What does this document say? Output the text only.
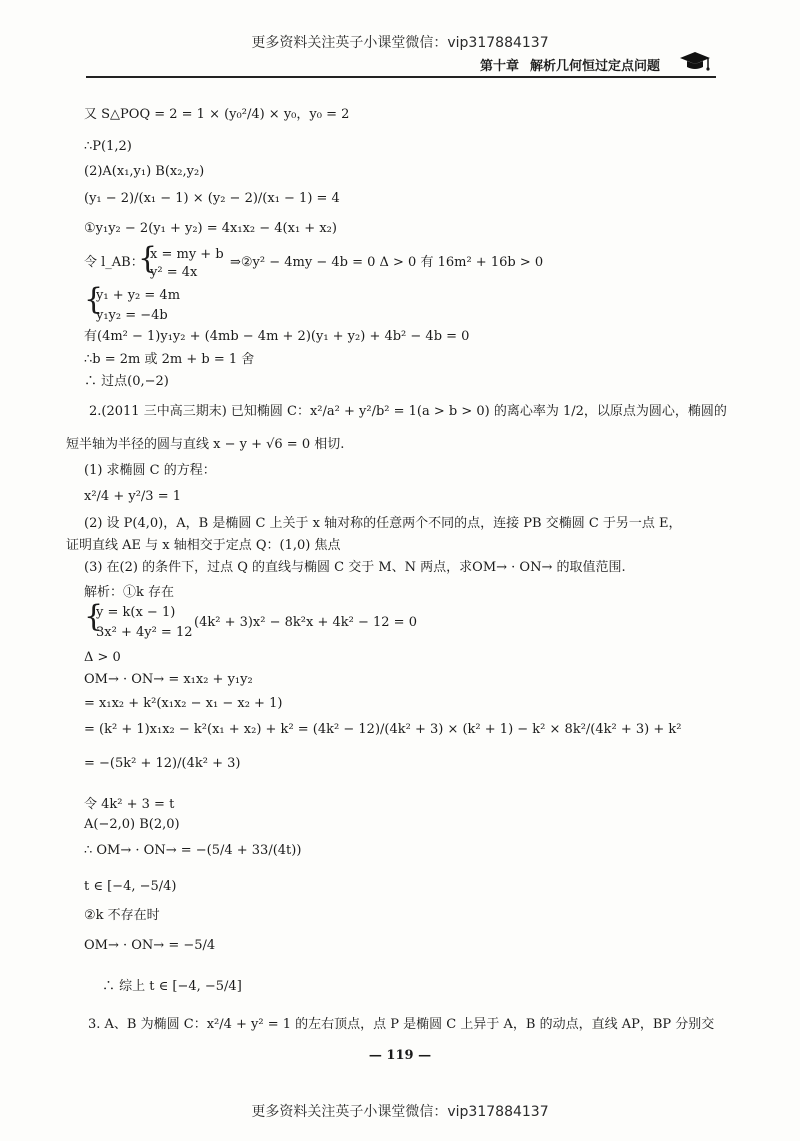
更多资料关注英子小课堂微信：vip317884137
第十章 解析几何恒过定点问题
又 S△POQ = 2 = 1 × (y₀²/4) × y₀，y₀ = 2
∴P(1,2)
(2)A(x₁,y₁) B(x₂,y₂)
(y₁ − 2)/(x₁ − 1) × (y₂ − 2)/(x₁ − 1) = 4
①y₁y₂ − 2(y₁ + y₂) = 4x₁x₂ − 4(x₁ + x₂)
令 l_AB：
{
x = my + b
y² = 4x
⇒②y² − 4my − 4b = 0 Δ > 0 有 16m² + 16b > 0
{
y₁ + y₂ = 4m
y₁y₂ = −4b
有(4m² − 1)y₁y₂ + (4mb − 4m + 2)(y₁ + y₂) + 4b² − 4b = 0
∴b = 2m 或 2m + b = 1 舍
∴ 过点(0,−2)
2.(2011 三中高三期末) 已知椭圆 C：x²/a² + y²/b² = 1(a > b > 0) 的离心率为 1/2，以原点为圆心，椭圆的
短半轴为半径的圆与直线 x − y + √6 = 0 相切.
(1) 求椭圆 C 的方程：
x²/4 + y²/3 = 1
(2) 设 P(4,0)，A，B 是椭圆 C 上关于 x 轴对称的任意两个不同的点，连接 PB 交椭圆 C 于另一点 E，
证明直线 AE 与 x 轴相交于定点 Q：(1,0) 焦点
(3) 在(2) 的条件下，过点 Q 的直线与椭圆 C 交于 M、N 两点，求OM→ · ON→ 的取值范围.
解析：①k 存在
{
y = k(x − 1)
3x² + 4y² = 12
(4k² + 3)x² − 8k²x + 4k² − 12 = 0
Δ > 0
OM→ · ON→ = x₁x₂ + y₁y₂
= x₁x₂ + k²(x₁x₂ − x₁ − x₂ + 1)
= (k² + 1)x₁x₂ − k²(x₁ + x₂) + k² = (4k² − 12)/(4k² + 3) × (k² + 1) − k² × 8k²/(4k² + 3) + k²
= −(5k² + 12)/(4k² + 3)
令 4k² + 3 = t
A(−2,0) B(2,0)
∴ OM→ · ON→ = −(5/4 + 33/(4t))
t ∈ [−4, −5/4)
②k 不存在时
OM→ · ON→ = −5/4
∴ 综上 t ∈ [−4, −5/4]
3. A、B 为椭圆 C：x²/4 + y² = 1 的左右顶点，点 P 是椭圆 C 上异于 A，B 的动点，直线 AP，BP 分别交
— 119 —
更多资料关注英子小课堂微信：vip317884137
